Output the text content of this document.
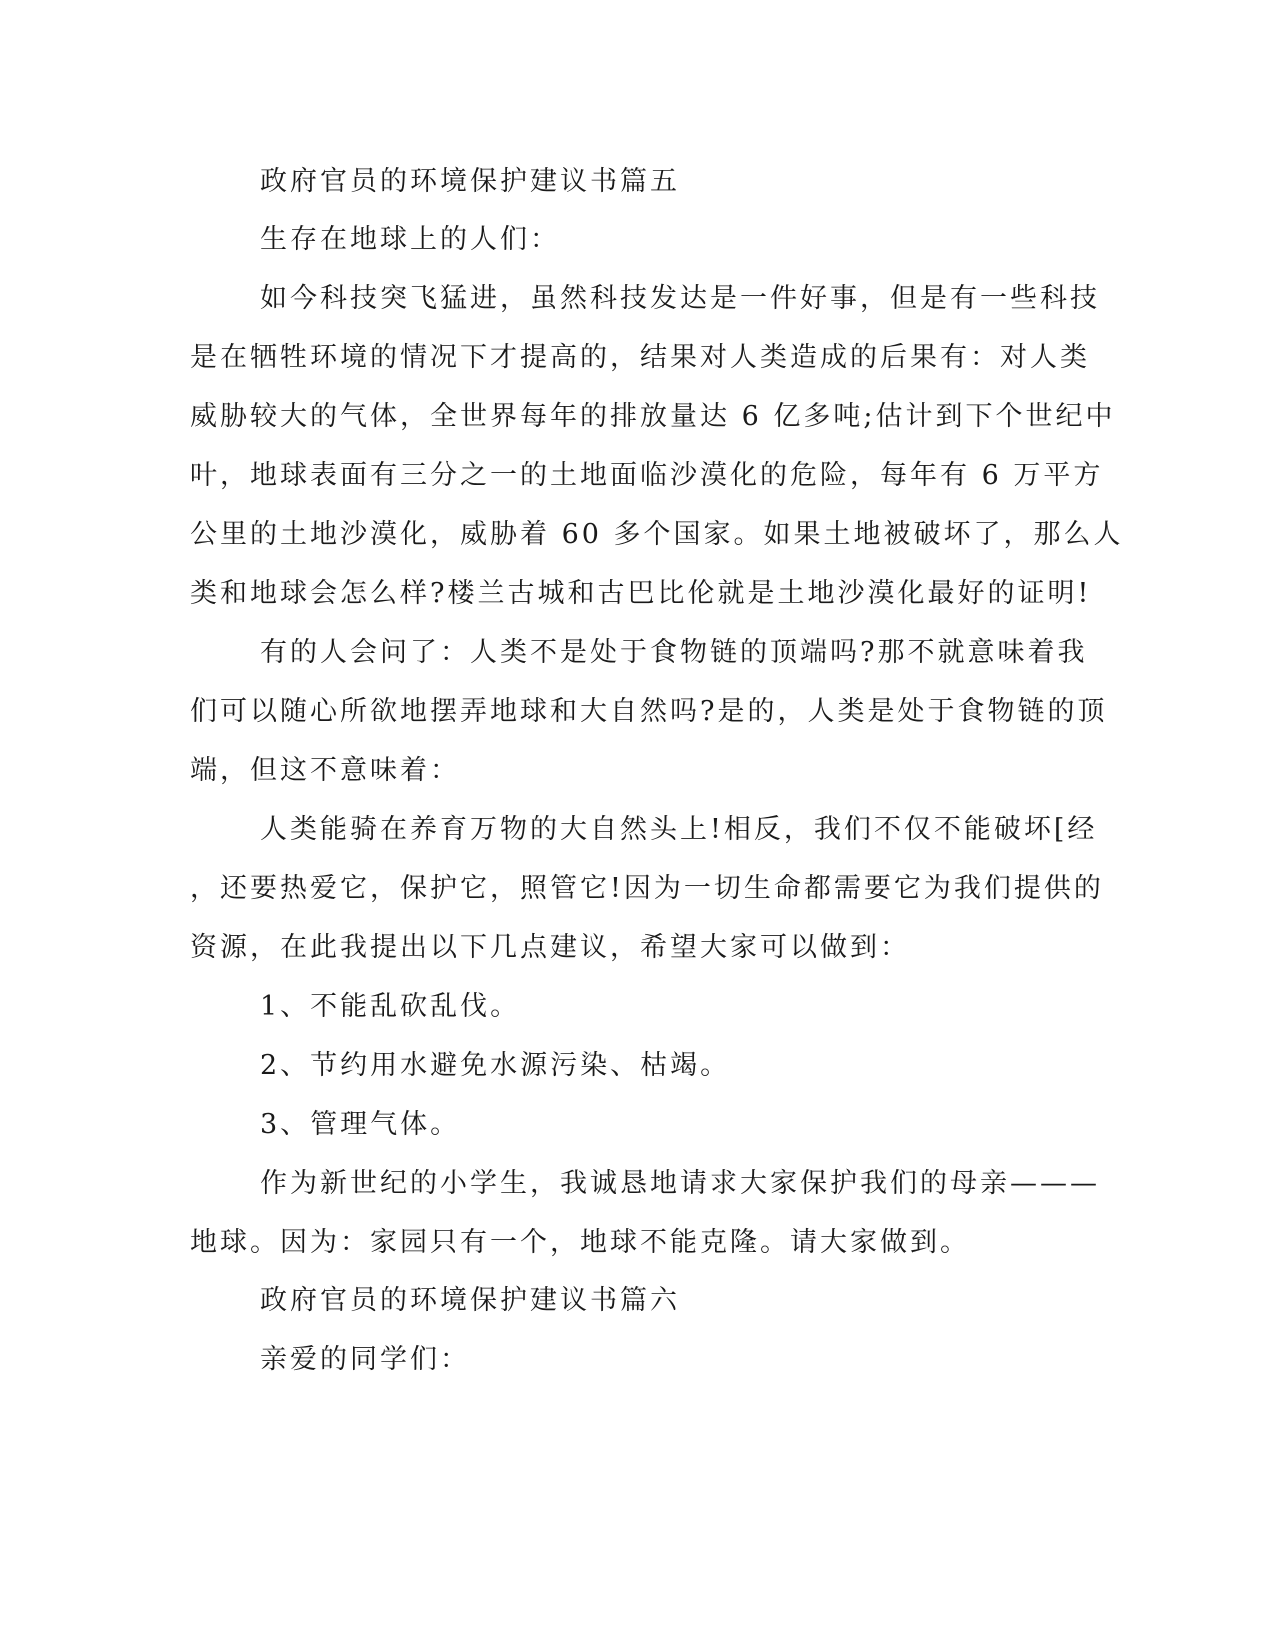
政府官员的环境保护建议书篇五
生存在地球上的人们：
如今科技突飞猛进，虽然科技发达是一件好事，但是有一些科技
是在牺牲环境的情况下才提高的，结果对人类造成的后果有：对人类
威胁较大的气体，全世界每年的排放量达 6 亿多吨;估计到下个世纪中
叶，地球表面有三分之一的土地面临沙漠化的危险，每年有 6 万平方
公里的土地沙漠化，威胁着 60 多个国家。如果土地被破坏了，那么人
类和地球会怎么样?楼兰古城和古巴比伦就是土地沙漠化最好的证明!
有的人会问了：人类不是处于食物链的顶端吗?那不就意味着我
们可以随心所欲地摆弄地球和大自然吗?是的，人类是处于食物链的顶
端，但这不意味着：
人类能骑在养育万物的大自然头上!相反，我们不仅不能破坏[经
，还要热爱它，保护它，照管它!因为一切生命都需要它为我们提供的
资源，在此我提出以下几点建议，希望大家可以做到：
1、不能乱砍乱伐。
2、节约用水避免水源污染、枯竭。
3、管理气体。
作为新世纪的小学生，我诚恳地请求大家保护我们的母亲———
地球。因为：家园只有一个，地球不能克隆。请大家做到。
政府官员的环境保护建议书篇六
亲爱的同学们：
